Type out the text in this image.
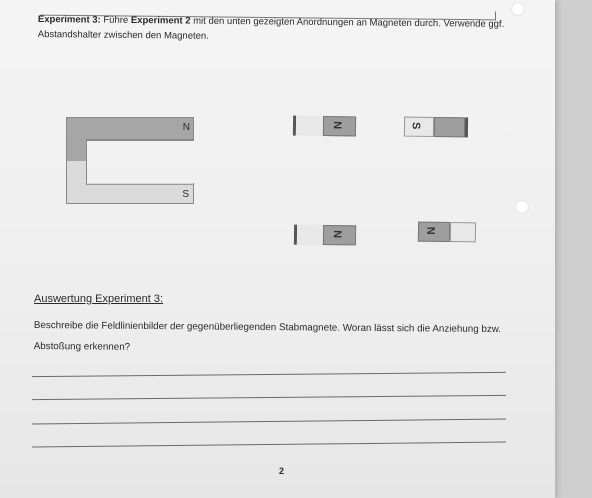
Experiment 3: Führe Experiment 2 mit den unten gezeigten Anordnungen an Magneten durch. Verwende ggf. Abstandshalter zwischen den Magneten.
N
S
N	S
N	N
Auswertung Experiment 3:
Beschreibe die Feldlinienbilder der gegenüberliegenden Stabmagnete. Woran lässt sich die Anziehung bzw. Abstoßung erkennen?
2
